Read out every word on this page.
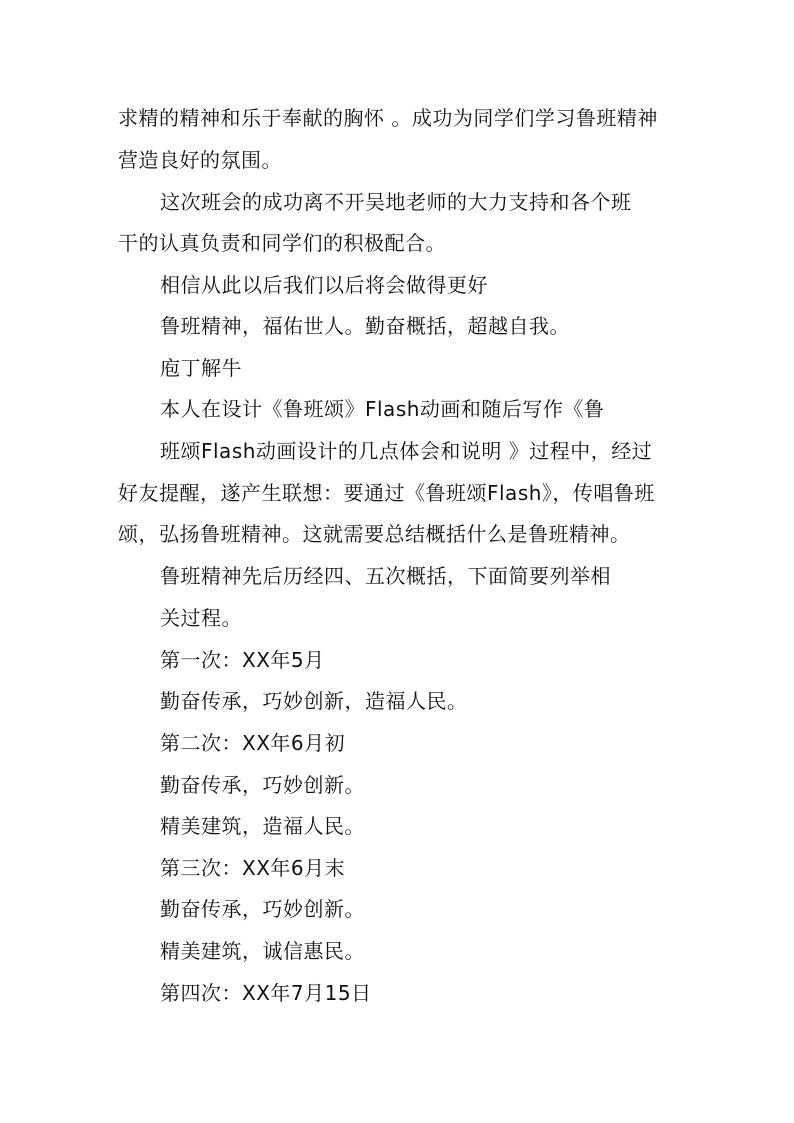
求精的精神和乐于奉献的胸怀 。成功为同学们学习鲁班精神
营造良好的氛围。
这次班会的成功离不开吴地老师的大力支持和各个班
干的认真负责和同学们的积极配合。
相信从此以后我们以后将会做得更好
鲁班精神，福佑世人。勤奋概括，超越自我。
庖丁解牛
本人在设计《鲁班颂》Flash动画和随后写作《鲁
班颂Flash动画设计的几点体会和说明 》过程中，经过
好友提醒，遂产生联想：要通过《鲁班颂Flash》，传唱鲁班
颂，弘扬鲁班精神。这就需要总结概括什么是鲁班精神。
鲁班精神先后历经四、五次概括，下面简要列举相
关过程。
第一次：XX年5月
勤奋传承，巧妙创新，造福人民。
第二次：XX年6月初
勤奋传承，巧妙创新。
精美建筑，造福人民。
第三次：XX年6月末
勤奋传承，巧妙创新。
精美建筑，诚信惠民。
第四次：XX年7月15日
